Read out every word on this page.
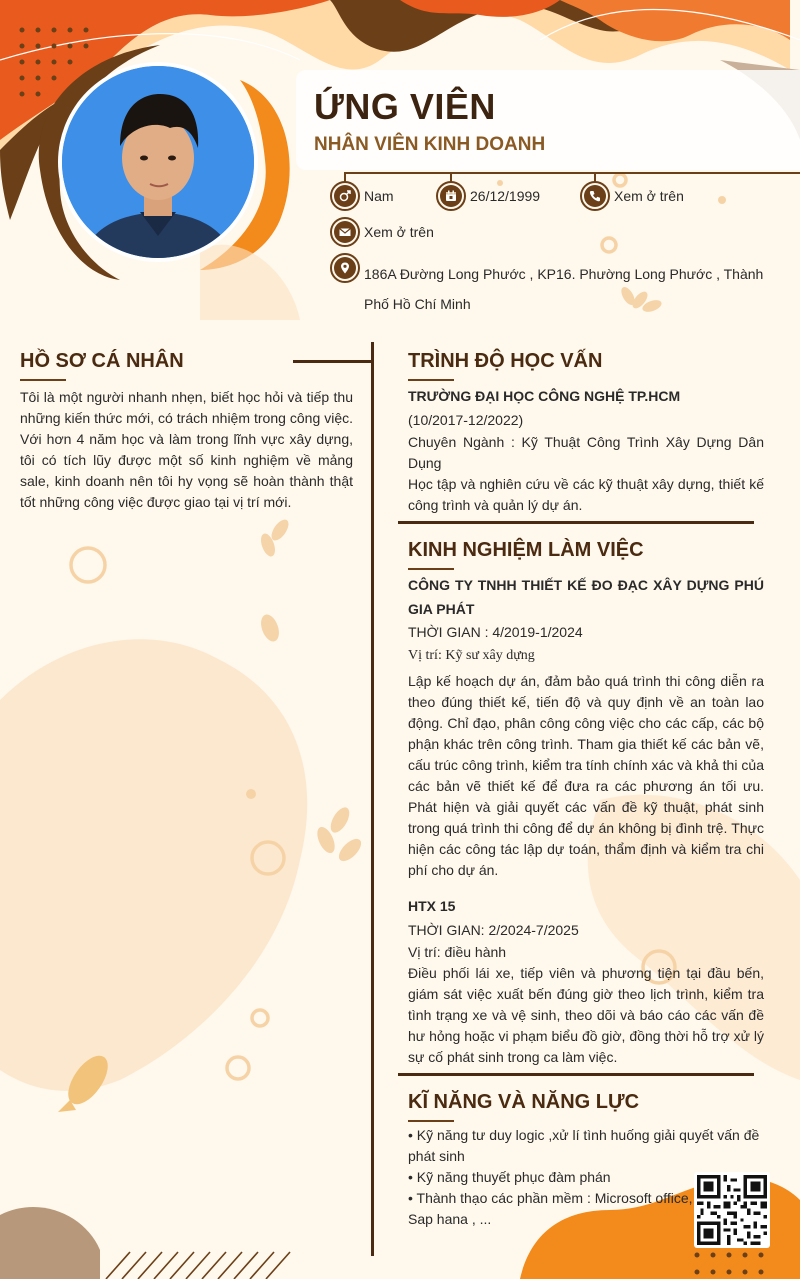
ỨNG VIÊN
NHÂN VIÊN KINH DOANH
Nam	26/12/1999	Xem ở trên
Xem ở trên
186A Đường Long Phước , KP16. Phường Long Phước , Thành Phố Hồ Chí Minh
HỒ SƠ CÁ NHÂN
Tôi là một người nhanh nhẹn, biết học hỏi và tiếp thu những kiến thức mới, có trách nhiệm trong công việc. Với hơn 4 năm học và làm trong lĩnh vực xây dựng, tôi có tích lũy được một số kinh nghiệm về mảng sale, kinh doanh nên tôi hy vọng sẽ hoàn thành thật tốt những công việc được giao tại vị trí mới.
TRÌNH ĐỘ HỌC VẤN
TRƯỜNG ĐẠI HỌC CÔNG NGHỆ TP.HCM
(10/2017-12/2022)
Chuyên Ngành : Kỹ Thuật Công Trình Xây Dựng Dân Dụng
Học tập và nghiên cứu về các kỹ thuật xây dựng, thiết kế công trình và quản lý dự án.
KINH NGHIỆM LÀM VIỆC
CÔNG TY TNHH THIẾT KẾ ĐO ĐẠC XÂY DỰNG PHÚ GIA PHÁT
THỜI GIAN : 4/2019-1/2024
Vị trí: Kỹ sư xây dựng
Lập kế hoạch dự án, đảm bảo quá trình thi công diễn ra theo đúng thiết kế, tiến độ và quy định về an toàn lao động. Chỉ đạo, phân công công việc cho các cấp, các bộ phận khác trên công trình. Tham gia thiết kế các bản vẽ, cấu trúc công trình, kiểm tra tính chính xác và khả thi của các bản vẽ thiết kế để đưa ra các phương án tối ưu. Phát hiện và giải quyết các vấn đề kỹ thuật, phát sinh trong quá trình thi công để dự án không bị đình trệ. Thực hiện các công tác lập dự toán, thẩm định và kiểm tra chi phí cho dự án.
HTX 15
THỜI GIAN: 2/2024-7/2025
Vị trí: điều hành
Điều phối lái xe, tiếp viên và phương tiện tại đầu bến, giám sát việc xuất bến đúng giờ theo lịch trình, kiểm tra tình trạng xe và vệ sinh, theo dõi và báo cáo các vấn đề hư hỏng hoặc vi phạm biểu đồ giờ, đồng thời hỗ trợ xử lý sự cố phát sinh trong ca làm việc.
KĨ NĂNG VÀ NĂNG LỰC
• Kỹ năng tư duy logic ,xử lí tình huống giải quyết vấn đề phát sinh
• Kỹ năng thuyết phục đàm phán
• Thành thạo các phần mềm : Microsoft office, Sap hana , ...
